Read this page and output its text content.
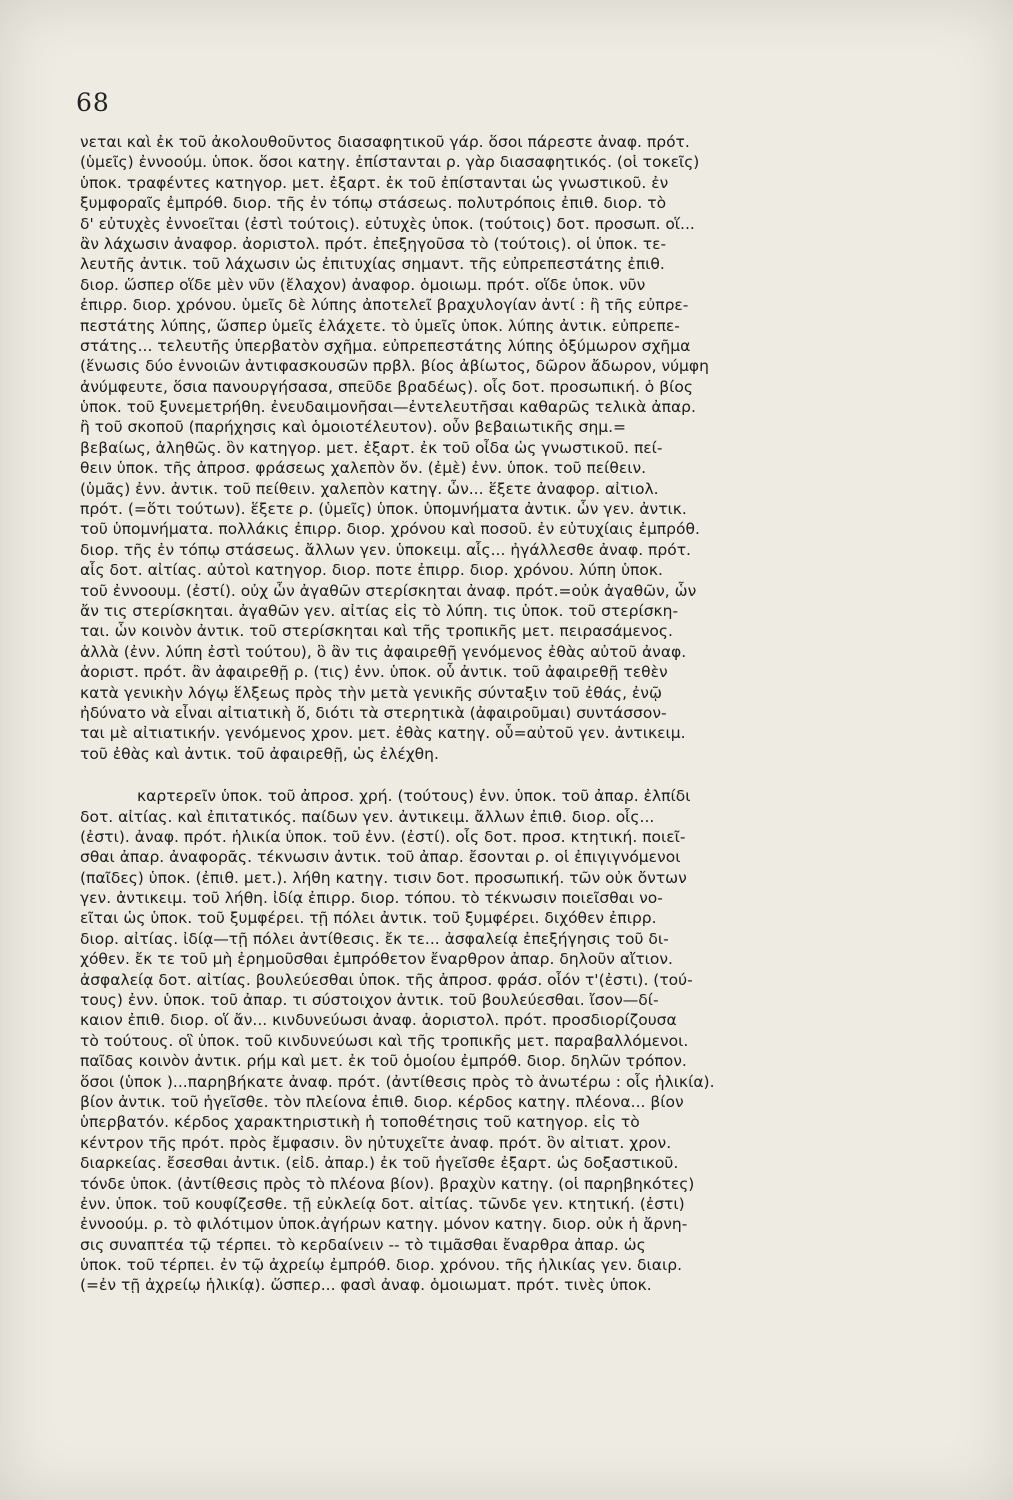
68
νεται καὶ ἐκ τοῦ ἀκολουθοῦντος διασαφητικοῦ γάρ. ὅσοι πάρεστε ἀναφ. πρότ.
(ὑμεῖς) ἐννοούμ. ὑποκ. ὅσοι κατηγ. ἐπίστανται ρ. γὰρ διασαφητικός. (οἱ τοκεῖς)
ὑποκ. τραφέντες κατηγορ. μετ. ἐξαρτ. ἐκ τοῦ ἐπίστανται ὡς γνωστικοῦ. ἐν
ξυμφοραῖς ἐμπρόθ. διορ. τῆς ἐν τόπῳ στάσεως. πολυτρόποις ἐπιθ. διορ. τὸ
δ' εὐτυχὲς ἐννοεῖται (ἐστὶ τούτοις). εὐτυχὲς ὑποκ. (τούτοις) δοτ. προσωπ. οἵ...
ἂν λάχωσιν ἀναφορ. ἀοριστολ. πρότ. ἐπεξηγοῦσα τὸ (τούτοις). οἱ ὑποκ. τε-
λευτῆς ἀντικ. τοῦ λάχωσιν ὡς ἐπιτυχίας σημαντ. τῆς εὐπρεπεστάτης ἐπιθ.
διορ. ὥσπερ οἵδε μὲν νῦν (ἔλαχον) ἀναφορ. ὁμοιωμ. πρότ. οἵδε ὑποκ. νῦν
ἐπιρρ. διορ. χρόνου. ὑμεῖς δὲ λύπης ἀποτελεῖ βραχυλογίαν ἀντί : ἢ τῆς εὐπρε-
πεστάτης λύπης, ὥσπερ ὑμεῖς ἐλάχετε. τὸ ὑμεῖς ὑποκ. λύπης ἀντικ. εὐπρεπε-
στάτης... τελευτῆς ὑπερβατὸν σχῆμα. εὐπρεπεστάτης λύπης ὀξύμωρον σχῆμα
(ἕνωσις δύο ἐννοιῶν ἀντιφασκουσῶν πρβλ. βίος ἀβίωτος, δῶρον ἄδωρον, νύμφη
ἀνύμφευτε, ὅσια πανουργήσασα, σπεῦδε βραδέως). οἷς δοτ. προσωπική. ὁ βίος
ὑποκ. τοῦ ξυνεμετρήθη. ἐνευδαιμονῆσαι—ἐντελευτῆσαι καθαρῶς τελικὰ ἀπαρ.
ἢ τοῦ σκοποῦ (παρήχησις καὶ ὁμοιοτέλευτον). οὖν βεβαιωτικῆς σημ.=
βεβαίως, ἀληθῶς. ὃν κατηγορ. μετ. ἐξαρτ. ἐκ τοῦ οἶδα ὡς γνωστικοῦ. πεί-
θειν ὑποκ. τῆς ἀπροσ. φράσεως χαλεπὸν ὄν. (ἐμὲ) ἐνν. ὑποκ. τοῦ πείθειν.
(ὑμᾶς) ἐνν. ἀντικ. τοῦ πείθειν. χαλεπὸν κατηγ. ὧν... ἕξετε ἀναφορ. αἰτιολ.
πρότ. (=ὅτι τούτων). ἕξετε ρ. (ὑμεῖς) ὑποκ. ὑπομνήματα ἀντικ. ὧν γεν. ἀντικ.
τοῦ ὑπομνήματα. πολλάκις ἐπιρρ. διορ. χρόνου καὶ ποσοῦ. ἐν εὐτυχίαις ἐμπρόθ.
διορ. τῆς ἐν τόπῳ στάσεως. ἄλλων γεν. ὑποκειμ. αἷς... ἠγάλλεσθε ἀναφ. πρότ.
αἷς δοτ. αἰτίας. αὐτοὶ κατηγορ. διορ. ποτε ἐπιρρ. διορ. χρόνου. λύπη ὑποκ.
τοῦ ἐννοουμ. (ἐστί). οὐχ ὧν ἀγαθῶν στερίσκηται ἀναφ. πρότ.=οὐκ ἀγαθῶν, ὧν
ἄν τις στερίσκηται. ἀγαθῶν γεν. αἰτίας εἰς τὸ λύπη. τις ὑποκ. τοῦ στερίσκη-
ται. ὧν κοινὸν ἀντικ. τοῦ στερίσκηται καὶ τῆς τροπικῆς μετ. πειρασάμενος.
ἀλλὰ (ἐνν. λύπη ἐστὶ τούτου), ὃ ἂν τις ἀφαιρεθῇ γενόμενος ἐθὰς αὐτοῦ ἀναφ.
ἀοριστ. πρότ. ἂν ἀφαιρεθῇ ρ. (τις) ἐνν. ὑποκ. οὗ ἀντικ. τοῦ ἀφαιρεθῇ τεθὲν
κατὰ γενικὴν λόγῳ ἕλξεως πρὸς τὴν μετὰ γενικῆς σύνταξιν τοῦ ἐθάς, ἐνῷ
ἠδύνατο νὰ εἶναι αἰτιατικὴ ὅ, διότι τὰ στερητικὰ (ἀφαιροῦμαι) συντάσσον-
ται μὲ αἰτιατικήν. γενόμενος χρον. μετ. ἐθὰς κατηγ. οὗ=αὐτοῦ γεν. ἀντικειμ.
τοῦ ἐθὰς καὶ ἀντικ. τοῦ ἀφαιρεθῇ, ὡς ἐλέχθη.
καρτερεῖν ὑποκ. τοῦ ἀπροσ. χρή. (τούτους) ἐνν. ὑποκ. τοῦ ἀπαρ. ἐλπίδι
δοτ. αἰτίας. καὶ ἐπιτατικός. παίδων γεν. ἀντικειμ. ἄλλων ἐπιθ. διορ. οἷς...
(ἐστι). ἀναφ. πρότ. ἡλικία ὑποκ. τοῦ ἐνν. (ἐστί). οἷς δοτ. προσ. κτητική. ποιεῖ-
σθαι ἀπαρ. ἀναφορᾶς. τέκνωσιν ἀντικ. τοῦ ἀπαρ. ἔσονται ρ. οἱ ἐπιγιγνόμενοι
(παῖδες) ὑποκ. (ἐπιθ. μετ.). λήθη κατηγ. τισιν δοτ. προσωπική. τῶν οὐκ ὄντων
γεν. ἀντικειμ. τοῦ λήθη. ἰδίᾳ ἐπιρρ. διορ. τόπου. τὸ τέκνωσιν ποιεῖσθαι νο-
εῖται ὡς ὑποκ. τοῦ ξυμφέρει. τῇ πόλει ἀντικ. τοῦ ξυμφέρει. διχόθεν ἐπιρρ.
διορ. αἰτίας. ἰδίᾳ—τῇ πόλει ἀντίθεσις. ἔκ τε... ἀσφαλείᾳ ἐπεξήγησις τοῦ δι-
χόθεν. ἔκ τε τοῦ μὴ ἐρημοῦσθαι ἐμπρόθετον ἔναρθρον ἀπαρ. δηλοῦν αἴτιον.
ἀσφαλείᾳ δοτ. αἰτίας. βουλεύεσθαι ὑποκ. τῆς ἀπροσ. φράσ. οἷόν τ'(ἐστι). (τού-
τους) ἐνν. ὑποκ. τοῦ ἀπαρ. τι σύστοιχον ἀντικ. τοῦ βουλεύεσθαι. ἴσον—δί-
καιον ἐπιθ. διορ. οἵ ἄν... κινδυνεύωσι ἀναφ. ἀοριστολ. πρότ. προσδιορίζουσα
τὸ τούτους. οἳ ὑποκ. τοῦ κινδυνεύωσι καὶ τῆς τροπικῆς μετ. παραβαλλόμενοι.
παῖδας κοινὸν ἀντικ. ρήμ καὶ μετ. ἐκ τοῦ ὁμοίου ἐμπρόθ. διορ. δηλῶν τρόπον.
ὅσοι (ὑποκ )...παρηβήκατε ἀναφ. πρότ. (ἀντίθεσις πρὸς τὸ ἀνωτέρω : οἷς ἡλικία).
βίον ἀντικ. τοῦ ἡγεῖσθε. τὸν πλείονα ἐπιθ. διορ. κέρδος κατηγ. πλέονα... βίον
ὑπερβατόν. κέρδος χαρακτηριστικὴ ἡ τοποθέτησις τοῦ κατηγορ. εἰς τὸ
κέντρον τῆς πρότ. πρὸς ἔμφασιν. ὃν ηὐτυχεῖτε ἀναφ. πρότ. ὃν αἰτιατ. χρον.
διαρκείας. ἔσεσθαι ἀντικ. (εἰδ. ἀπαρ.) ἐκ τοῦ ἡγεῖσθε ἐξαρτ. ὡς δοξαστικοῦ.
τόνδε ὑποκ. (ἀντίθεσις πρὸς τὸ πλέονα βίον). βραχὺν κατηγ. (οἱ παρηβηκότες)
ἐνν. ὑποκ. τοῦ κουφίζεσθε. τῇ εὐκλείᾳ δοτ. αἰτίας. τῶνδε γεν. κτητική. (ἐστι)
ἐννοούμ. ρ. τὸ φιλότιμον ὑποκ.ἀγήρων κατηγ. μόνον κατηγ. διορ. οὐκ ἡ ἄρνη-
σις συναπτέα τῷ τέρπει. τὸ κερδαίνειν -- τὸ τιμᾶσθαι ἔναρθρα ἀπαρ. ὡς
ὑποκ. τοῦ τέρπει. ἐν τῷ ἀχρείῳ ἐμπρόθ. διορ. χρόνου. τῆς ἡλικίας γεν. διαιρ.
(=ἐν τῇ ἀχρείῳ ἡλικίᾳ). ὥσπερ... φασὶ ἀναφ. ὁμοιωματ. πρότ. τινὲς ὑποκ.
